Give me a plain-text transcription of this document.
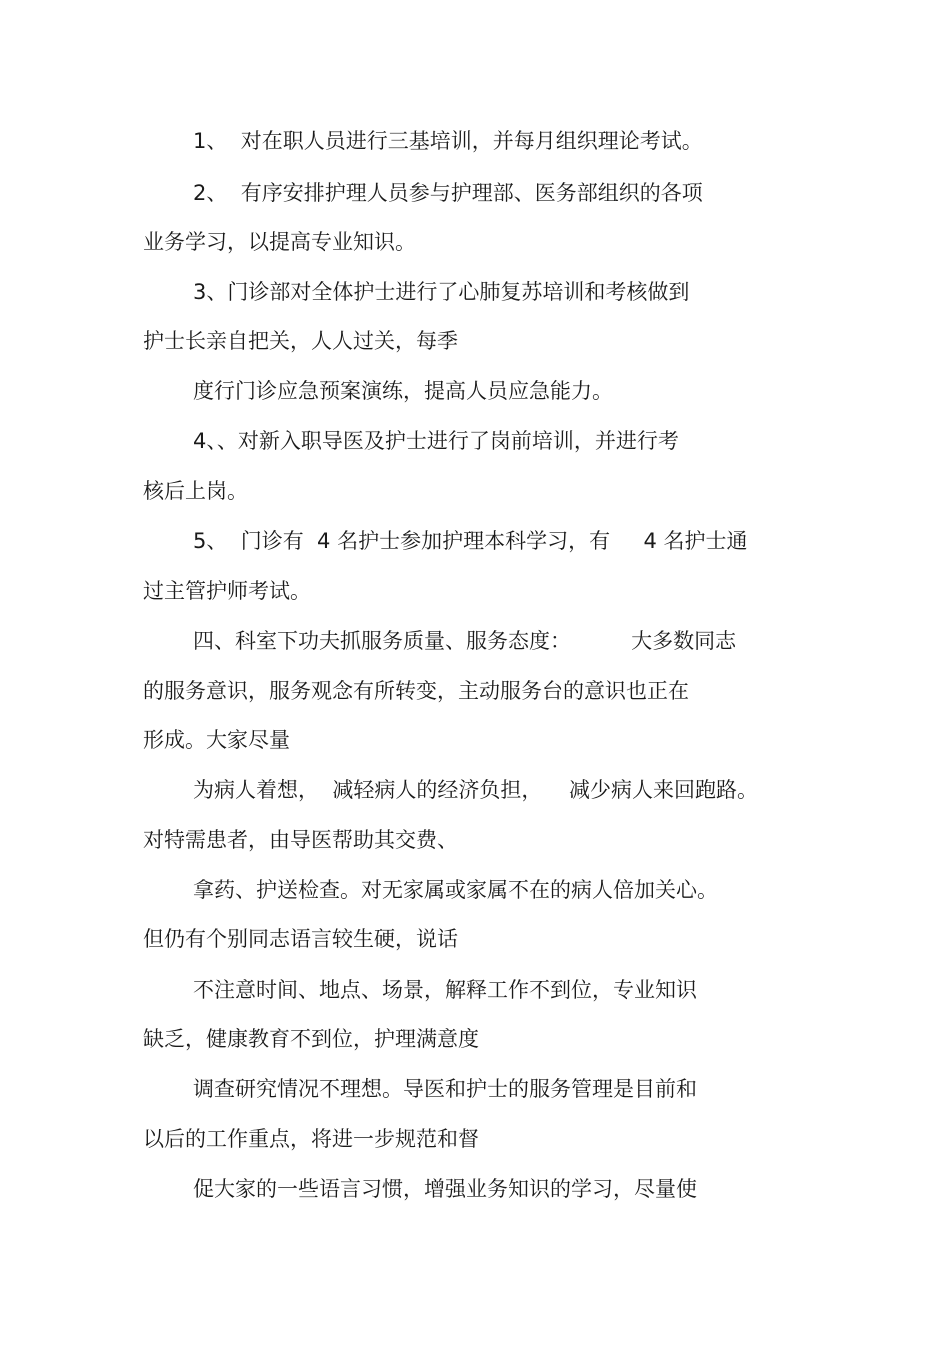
1、  对在职人员进行三基培训，并每月组织理论考试。
2、  有序安排护理人员参与护理部、医务部组织的各项
业务学习，以提高专业知识。
3、门诊部对全体护士进行了心肺复苏培训和考核做到
护士长亲自把关，人人过关，每季
度行门诊应急预案演练，提高人员应急能力。
4、、对新入职导医及护士进行了岗前培训，并进行考
核后上岗。
5、  门诊有  4 名护士参加护理本科学习，有     4 名护士通
过主管护师考试。
四、科室下功夫抓服务质量、服务态度：         大多数同志
的服务意识，服务观念有所转变，主动服务台的意识也正在
形成。大家尽量
为病人着想，  减轻病人的经济负担，    减少病人来回跑路。
对特需患者，由导医帮助其交费、
拿药、护送检查。对无家属或家属不在的病人倍加关心。
但仍有个别同志语言较生硬，说话
不注意时间、地点、场景，解释工作不到位，专业知识
缺乏，健康教育不到位，护理满意度
调查研究情况不理想。导医和护士的服务管理是目前和
以后的工作重点，将进一步规范和督
促大家的一些语言习惯，增强业务知识的学习，尽量使
